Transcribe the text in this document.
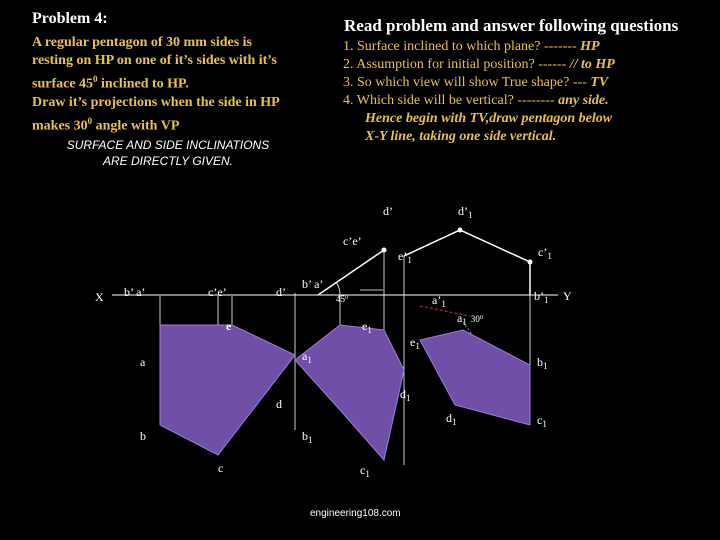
Problem 4:
A regular pentagon of 30 mm sides is
resting on HP on one of it’s sides with it’s
surface $45^0$ inclined to HP.
Draw it’s projections when the side in HP
makes $30^0$ angle with VP
SURFACE AND SIDE INCLINATIONS
ARE DIRECTLY GIVEN.
Read problem and answer following questions
1. Surface inclined to which plane? ------- HP
2. Assumption for initial position? ------ // to HP
3. So which view will show True shape? --- TV
4. Which side will be vertical? -------- any side.
Hence begin with TV,draw pentagon below
X-Y line, taking one side vertical.
X	Y
$45^0$
d’	$d’_1$
c’e’
$e’_1$
$c’_1$
b’ a’	c’e’	d’
b’ a’
$a’_1$
$b’_1$
$a_1$ $^{300}$
e
a
b
c
d
$e_1$
$a_1$
$b_1$
$c_1$
$d_1$
$e_1$
$d_1$
$b_1$
$c_1$
engineering108.com
